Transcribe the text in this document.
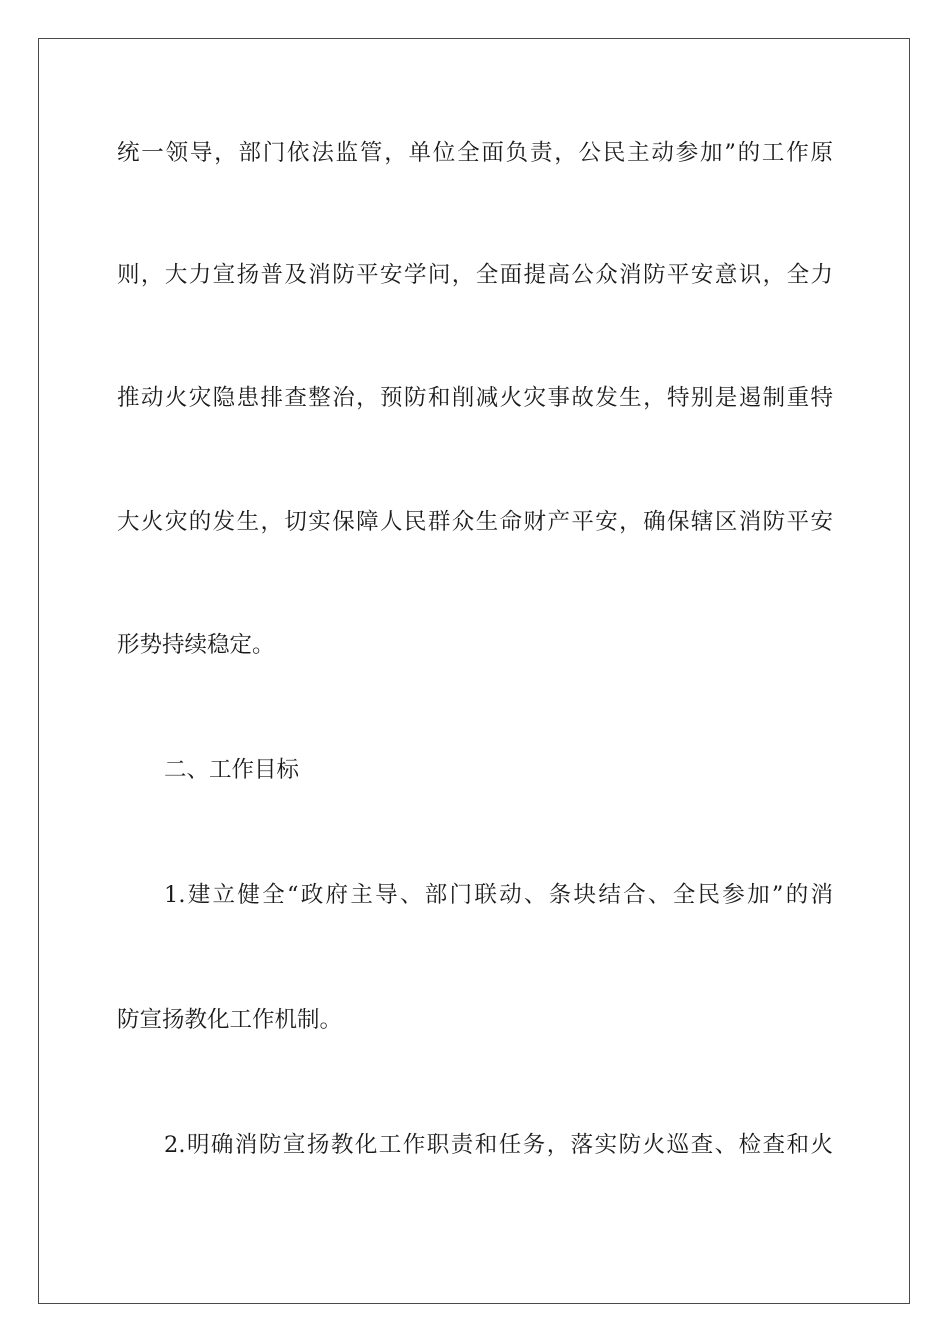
统一领导，部门依法监管，单位全面负责，公民主动参加”的工作原
则，大力宣扬普及消防平安学问，全面提高公众消防平安意识，全力
推动火灾隐患排查整治，预防和削减火灾事故发生，特别是遏制重特
大火灾的发生，切实保障人民群众生命财产平安，确保辖区消防平安
形势持续稳定。
二、工作目标
1.建立健全“政府主导、部门联动、条块结合、全民参加”的消
防宣扬教化工作机制。
2.明确消防宣扬教化工作职责和任务，落实防火巡查、检查和火
